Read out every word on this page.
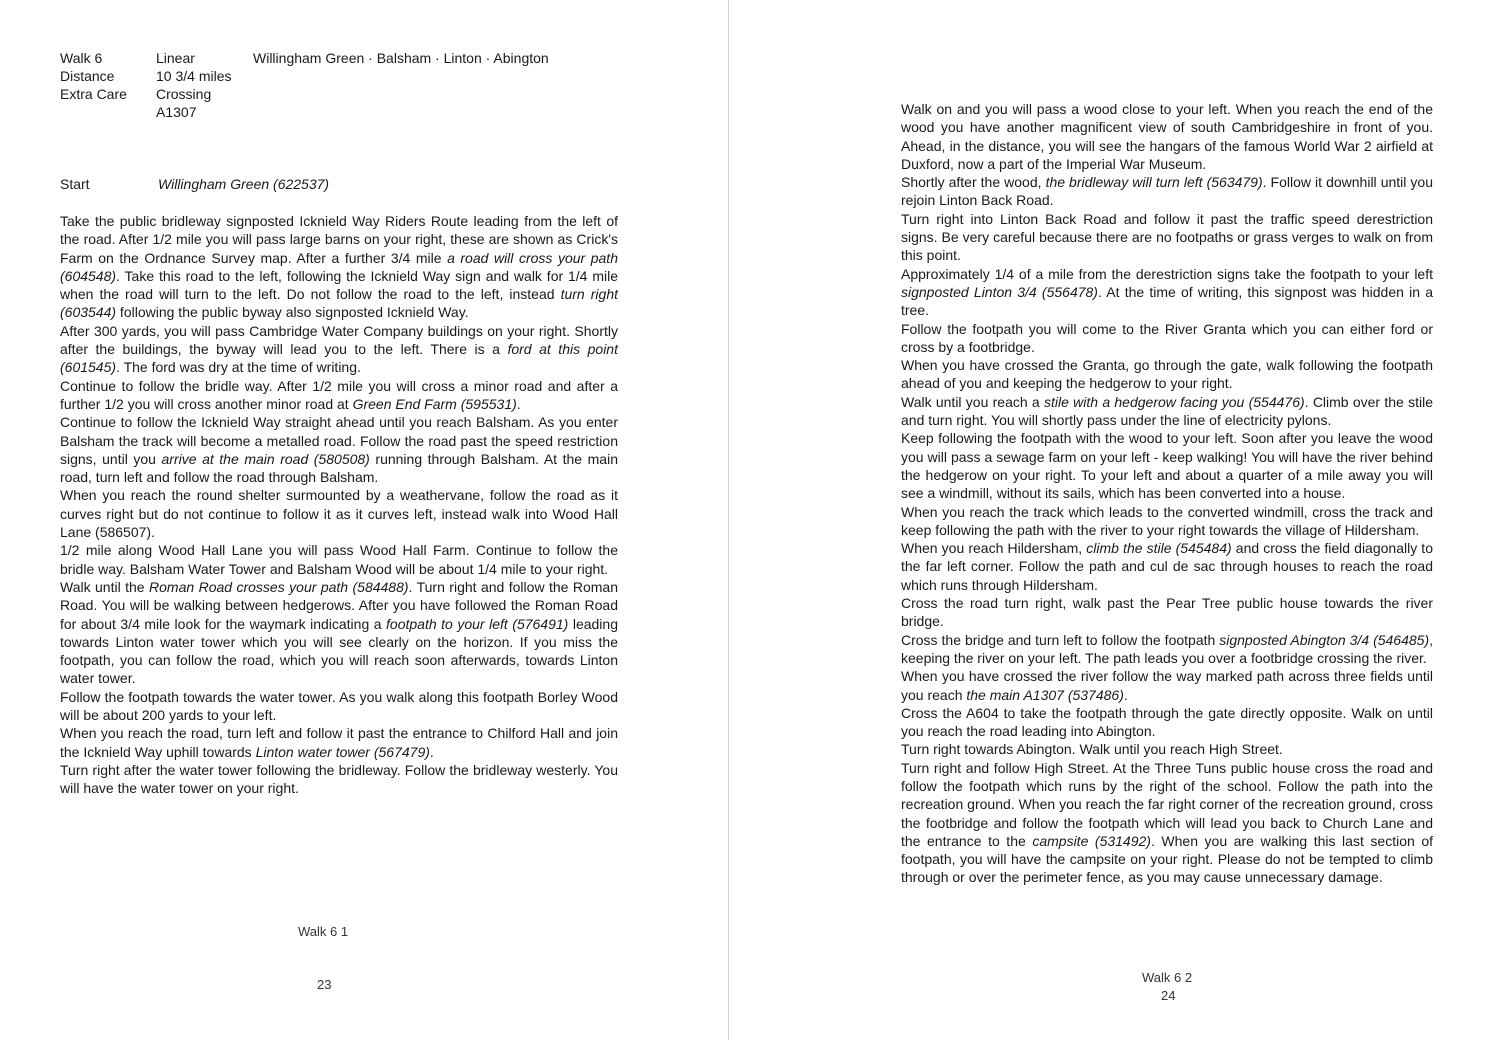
Walk 6	Linear	Willingham Green · Balsham · Linton · Abington
Distance	10 3/4 miles
Extra Care	Crossing A1307
Start	Willingham Green (622537)

Take the public bridleway signposted Icknield Way Riders Route leading from the left of the road. After 1/2 mile you will pass large barns on your right, these are shown as Crick's Farm on the Ordnance Survey map. After a further 3/4 mile a road will cross your path (604548). Take this road to the left, following the Icknield Way sign and walk for 1/4 mile when the road will turn to the left. Do not follow the road to the left, instead turn right (603544) following the public byway also signposted Icknield Way.

After 300 yards, you will pass Cambridge Water Company buildings on your right. Shortly after the buildings, the byway will lead you to the left. There is a ford at this point (601545). The ford was dry at the time of writing.

Continue to follow the bridle way. After 1/2 mile you will cross a minor road and after a further 1/2 you will cross another minor road at Green End Farm (595531).

Continue to follow the Icknield Way straight ahead until you reach Balsham. As you enter Balsham the track will become a metalled road. Follow the road past the speed restriction signs, until you arrive at the main road (580508) running through Balsham. At the main road, turn left and follow the road through Balsham.

When you reach the round shelter surmounted by a weathervane, follow the road as it curves right but do not continue to follow it as it curves left, instead walk into Wood Hall Lane (586507).

1/2 mile along Wood Hall Lane you will pass Wood Hall Farm. Continue to follow the bridle way. Balsham Water Tower and Balsham Wood will be about 1/4 mile to your right.

Walk until the Roman Road crosses your path (584488). Turn right and follow the Roman Road. You will be walking between hedgerows. After you have followed the Roman Road for about 3/4 mile look for the waymark indicating a footpath to your left (576491) leading towards Linton water tower which you will see clearly on the horizon. If you miss the footpath, you can follow the road, which you will reach soon afterwards, towards Linton water tower.

Follow the footpath towards the water tower. As you walk along this footpath Borley Wood will be about 200 yards to your left.

When you reach the road, turn left and follow it past the entrance to Chilford Hall and join the Icknield Way uphill towards Linton water tower (567479).

Turn right after the water tower following the bridleway. Follow the bridleway westerly. You will have the water tower on your right.

Walk 6 1
23

Walk on and you will pass a wood close to your left. When you reach the end of the wood you have another magnificent view of south Cambridgeshire in front of you. Ahead, in the distance, you will see the hangars of the famous World War 2 airfield at Duxford, now a part of the Imperial War Museum.

Shortly after the wood, the bridleway will turn left (563479). Follow it downhill until you rejoin Linton Back Road.

Turn right into Linton Back Road and follow it past the traffic speed derestriction signs. Be very careful because there are no footpaths or grass verges to walk on from this point.

Approximately 1/4 of a mile from the derestriction signs take the footpath to your left signposted Linton 3/4 (556478). At the time of writing, this signpost was hidden in a tree.

Follow the footpath you will come to the River Granta which you can either ford or cross by a footbridge.

When you have crossed the Granta, go through the gate, walk following the footpath ahead of you and keeping the hedgerow to your right.

Walk until you reach a stile with a hedgerow facing you (554476). Climb over the stile and turn right. You will shortly pass under the line of electricity pylons.

Keep following the footpath with the wood to your left. Soon after you leave the wood you will pass a sewage farm on your left - keep walking! You will have the river behind the hedgerow on your right. To your left and about a quarter of a mile away you will see a windmill, without its sails, which has been converted into a house.

When you reach the track which leads to the converted windmill, cross the track and keep following the path with the river to your right towards the village of Hildersham.

When you reach Hildersham, climb the stile (545484) and cross the field diagonally to the far left corner. Follow the path and cul de sac through houses to reach the road which runs through Hildersham.

Cross the road turn right, walk past the Pear Tree public house towards the river bridge.

Cross the bridge and turn left to follow the footpath signposted Abington 3/4 (546485), keeping the river on your left. The path leads you over a footbridge crossing the river.

When you have crossed the river follow the way marked path across three fields until you reach the main A1307 (537486).

Cross the A604 to take the footpath through the gate directly opposite. Walk on until you reach the road leading into Abington.

Turn right towards Abington. Walk until you reach High Street.

Turn right and follow High Street. At the Three Tuns public house cross the road and follow the footpath which runs by the right of the school. Follow the path into the recreation ground. When you reach the far right corner of the recreation ground, cross the footbridge and follow the footpath which will lead you back to Church Lane and the entrance to the campsite (531492). When you are walking this last section of footpath, you will have the campsite on your right. Please do not be tempted to climb through or over the perimeter fence, as you may cause unnecessary damage.

Walk 6 2
24
